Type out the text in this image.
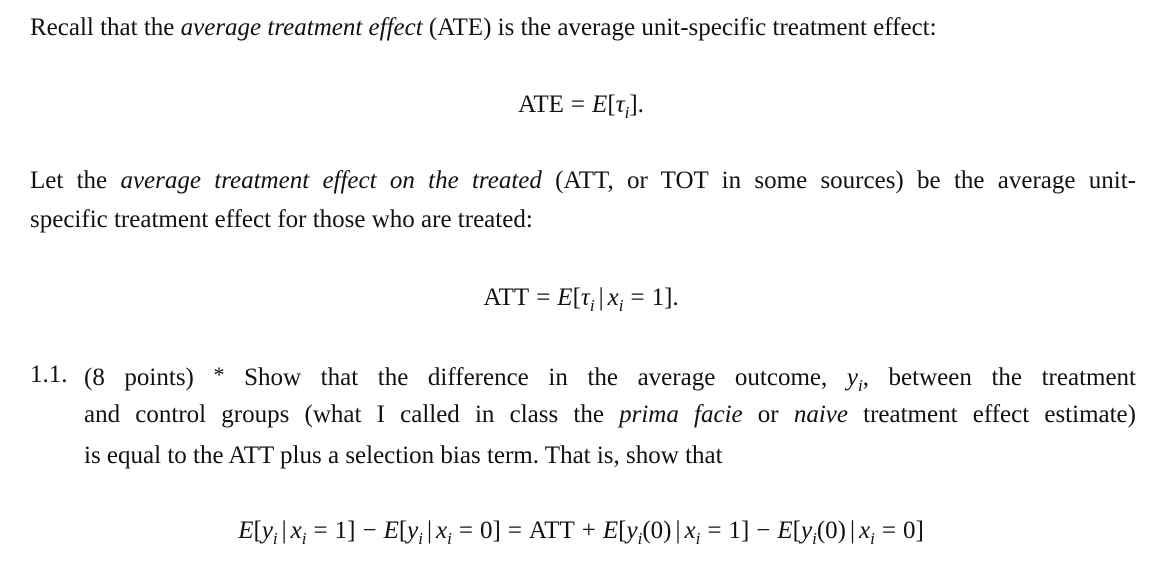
Recall that the average treatment effect (ATE) is the average unit-specific treatment effect:
ATE = $E[\tau_i]$.
Let the average treatment effect on the treated (ATT, or TOT in some sources) be the average unit-
specific treatment effect for those who are treated:
ATT = $E[\tau_i$ | $x_i = 1$].
1.1. (8 points) * Show that the difference in the average outcome, $y_i$, between the treatment
and control groups (what I called in class the prima facie or naive treatment effect estimate)
is equal to the ATT plus a selection bias term. That is, show that
$E[y_i$ | $x_i = 1] - E[y_i$ | $x_i = 0$] = ATT + $E[y_i(0)$ | $x_i = 1] - E[y_i(0)$ | $x_i = 0$]
